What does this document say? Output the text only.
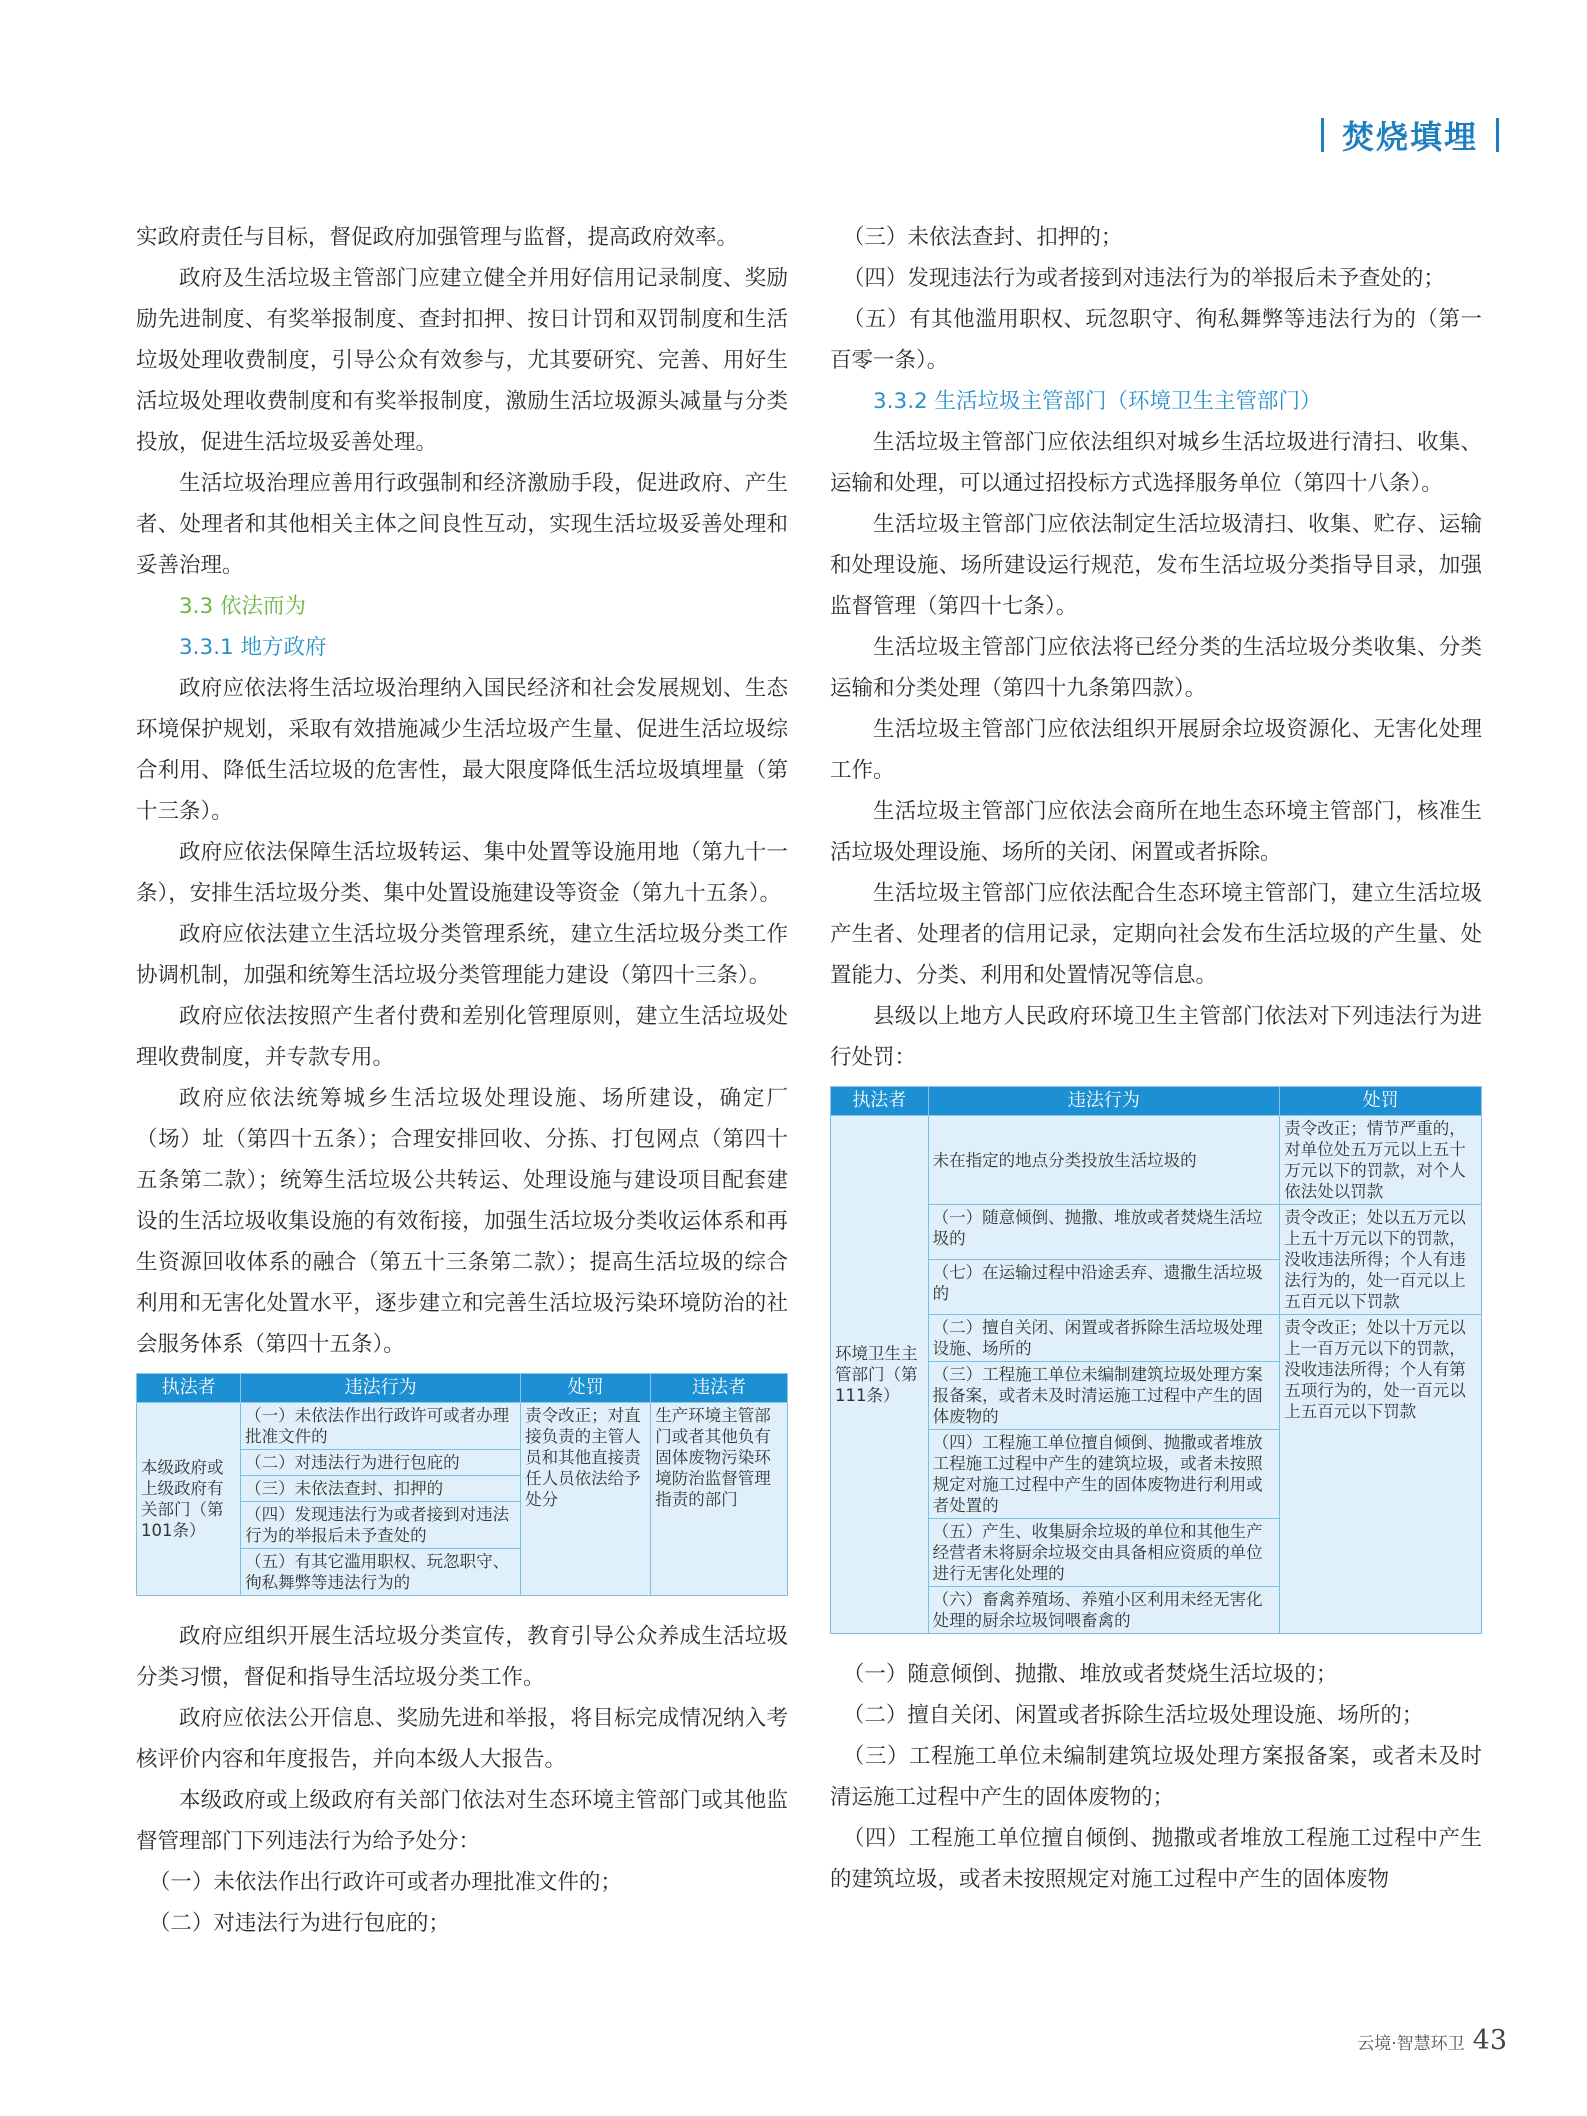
焚烧填埋

实政府责任与目标，督促政府加强管理与监督，提高政府效率。

政府及生活垃圾主管部门应建立健全并用好信用记录制度、奖励励先进制度、有奖举报制度、查封扣押、按日计罚和双罚制度和生活垃圾处理收费制度，引导公众有效参与，尤其要研究、完善、用好生活垃圾处理收费制度和有奖举报制度，激励生活垃圾源头减量与分类投放，促进生活垃圾妥善处理。

生活垃圾治理应善用行政强制和经济激励手段，促进政府、产生者、处理者和其他相关主体之间良性互动，实现生活垃圾妥善处理和妥善治理。

3.3 依法而为

3.3.1 地方政府

政府应依法将生活垃圾治理纳入国民经济和社会发展规划、生态环境保护规划，采取有效措施减少生活垃圾产生量、促进生活垃圾综合利用、降低生活垃圾的危害性，最大限度降低生活垃圾填埋量（第十三条）。

政府应依法保障生活垃圾转运、集中处置等设施用地（第九十一条），安排生活垃圾分类、集中处置设施建设等资金（第九十五条）。

政府应依法建立生活垃圾分类管理系统，建立生活垃圾分类工作协调机制，加强和统筹生活垃圾分类管理能力建设（第四十三条）。

政府应依法按照产生者付费和差别化管理原则，建立生活垃圾处理收费制度，并专款专用。

政府应依法统筹城乡生活垃圾处理设施、场所建设，确定厂（场）址（第四十五条）；合理安排回收、分拣、打包网点（第四十五条第二款）；统筹生活垃圾公共转运、处理设施与建设项目配套建设的生活垃圾收集设施的有效衔接，加强生活垃圾分类收运体系和再生资源回收体系的融合（第五十三条第二款）；提高生活垃圾的综合利用和无害化处置水平，逐步建立和完善生活垃圾污染环境防治的社会服务体系（第四十五条）。

执法者	违法行为	处罚	违法者
本级政府或上级政府有关部门（第101条）	（一）未依法作出行政许可或者办理批准文件的	责令改正；对直接负责的主管人员和其他直接责任人员依法给予处分	生产环境主管部门或者其他负有固体废物污染环境防治监督管理指责的部门
	（二）对违法行为进行包庇的		
	（三）未依法查封、扣押的		
	（四）发现违法行为或者接到对违法行为的举报后未予查处的		
	（五）有其它滥用职权、玩忽职守、徇私舞弊等违法行为的		

政府应组织开展生活垃圾分类宣传，教育引导公众养成生活垃圾分类习惯，督促和指导生活垃圾分类工作。

政府应依法公开信息、奖励先进和举报，将目标完成情况纳入考核评价内容和年度报告，并向本级人大报告。

本级政府或上级政府有关部门依法对生态环境主管部门或其他监督管理部门下列违法行为给予处分：

（一）未依法作出行政许可或者办理批准文件的；

（二）对违法行为进行包庇的；

（三）未依法查封、扣押的；

（四）发现违法行为或者接到对违法行为的举报后未予查处的；

（五）有其他滥用职权、玩忽职守、徇私舞弊等违法行为的（第一百零一条）。

3.3.2 生活垃圾主管部门（环境卫生主管部门）

生活垃圾主管部门应依法组织对城乡生活垃圾进行清扫、收集、运输和处理，可以通过招投标方式选择服务单位（第四十八条）。

生活垃圾主管部门应依法制定生活垃圾清扫、收集、贮存、运输和处理设施、场所建设运行规范，发布生活垃圾分类指导目录，加强监督管理（第四十七条）。

生活垃圾主管部门应依法将已经分类的生活垃圾分类收集、分类运输和分类处理（第四十九条第四款）。

生活垃圾主管部门应依法组织开展厨余垃圾资源化、无害化处理工作。

生活垃圾主管部门应依法会商所在地生态环境主管部门，核准生活垃圾处理设施、场所的关闭、闲置或者拆除。

生活垃圾主管部门应依法配合生态环境主管部门，建立生活垃圾产生者、处理者的信用记录，定期向社会发布生活垃圾的产生量、处置能力、分类、利用和处置情况等信息。

县级以上地方人民政府环境卫生主管部门依法对下列违法行为进行处罚：

执法者	违法行为	处罚
环境卫生主管部门（第111条）	未在指定的地点分类投放生活垃圾的	责令改正；情节严重的，对单位处五万元以上五十万元以下的罚款，对个人依法处以罚款
	（一）随意倾倒、抛撒、堆放或者焚烧生活垃圾的	责令改正；处以五万元以上五十万元以下的罚款，没收违法所得；个人有违法行为的，处一百元以上五百元以下罚款
	（七）在运输过程中沿途丢弃、遗撒生活垃圾的	
	（二）擅自关闭、闲置或者拆除生活垃圾处理设施、场所的	责令改正；处以十万元以上一百万元以下的罚款，没收违法所得；个人有第五项行为的，处一百元以上五百元以下罚款
	（三）工程施工单位未编制建筑垃圾处理方案报备案，或者未及时清运施工过程中产生的固体废物的	
	（四）工程施工单位擅自倾倒、抛撒或者堆放工程施工过程中产生的建筑垃圾，或者未按照规定对施工过程中产生的固体废物进行利用或者处置的	
	（五）产生、收集厨余垃圾的单位和其他生产经营者未将厨余垃圾交由具备相应资质的单位进行无害化处理的	
	（六）畜禽养殖场、养殖小区利用未经无害化处理的厨余垃圾饲喂畜禽的	

（一）随意倾倒、抛撒、堆放或者焚烧生活垃圾的；

（二）擅自关闭、闲置或者拆除生活垃圾处理设施、场所的；

（三）工程施工单位未编制建筑垃圾处理方案报备案，或者未及时清运施工过程中产生的固体废物的；

（四）工程施工单位擅自倾倒、抛撒或者堆放工程施工过程中产生的建筑垃圾，或者未按照规定对施工过程中产生的固体废物

云境·智慧环卫 43
